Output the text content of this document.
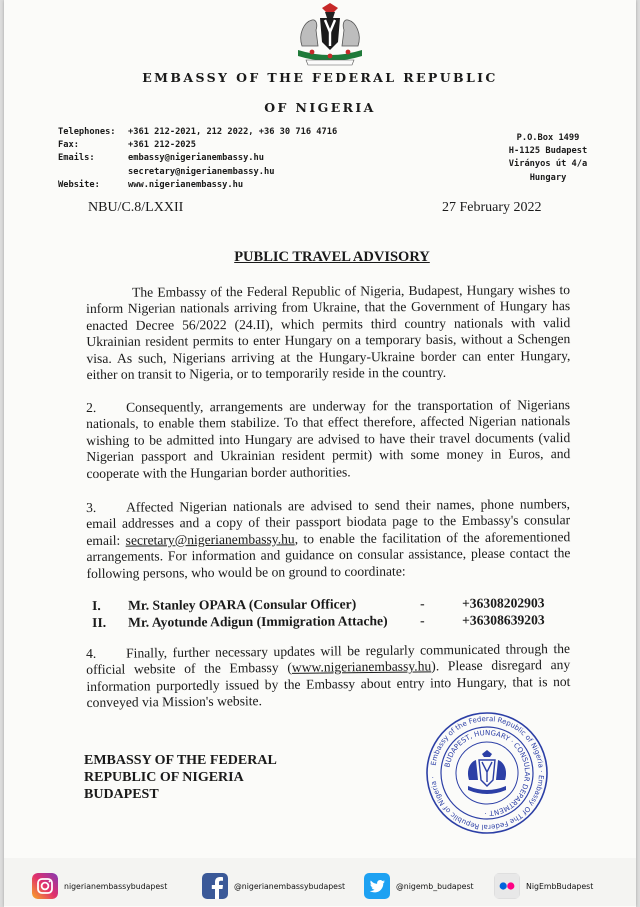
EMBASSY OF THE FEDERAL REPUBLIC
OF NIGERIA
Telephones:	+361 212-2021, 212 2022, +36 30 716 4716
Fax:	+361 212-2025
Emails:	embassy@nigerianembassy.hu
secretary@nigerianembassy.hu
Website:	www.nigerianembassy.hu
P.O.Box 1499
H-1125 Budapest
Virányos út 4/a
Hungary
NBU/C.8/LXXII	27 February 2022
PUBLIC TRAVEL ADVISORY
The Embassy of the Federal Republic of Nigeria, Budapest, Hungary wishes to inform Nigerian nationals arriving from Ukraine, that the Government of Hungary has enacted Decree 56/2022 (24.II), which permits third country nationals with valid Ukrainian resident permits to enter Hungary on a temporary basis, without a Schengen visa. As such, Nigerians arriving at the Hungary-Ukraine border can enter Hungary, either on transit to Nigeria, or to temporarily reside in the country.
2. Consequently, arrangements are underway for the transportation of Nigerians nationals, to enable them stabilize. To that effect therefore, affected Nigerian nationals wishing to be admitted into Hungary are advised to have their travel documents (valid Nigerian passport and Ukrainian resident permit) with some money in Euros, and cooperate with the Hungarian border authorities.
3. Affected Nigerian nationals are advised to send their names, phone numbers, email addresses and a copy of their passport biodata page to the Embassy's consular email: secretary@nigerianembassy.hu, to enable the facilitation of the aforementioned arrangements. For information and guidance on consular assistance, please contact the following persons, who would be on ground to coordinate:
I.	Mr. Stanley OPARA (Consular Officer)	-	+36308202903
II.	Mr. Ayotunde Adigun (Immigration Attache)	-	+36308639203
4. Finally, further necessary updates will be regularly communicated through the official website of the Embassy (www.nigerianembassy.hu). Please disregard any information purportedly issued by the Embassy about entry into Hungary, that is not conveyed via Mission's website.
EMBASSY OF THE FEDERAL
REPUBLIC OF NIGERIA
BUDAPEST
Embassy of the Federal Republic of Nigeria · Embassy Of The Federal Republic of Nigeria ·
BUDAPEST, HUNGARY · CONSULAR DEPARTMENT ·
nigerianembassybudapest	@nigerianembassybudapest	@nigemb_budapest	NigEmbBudapest
